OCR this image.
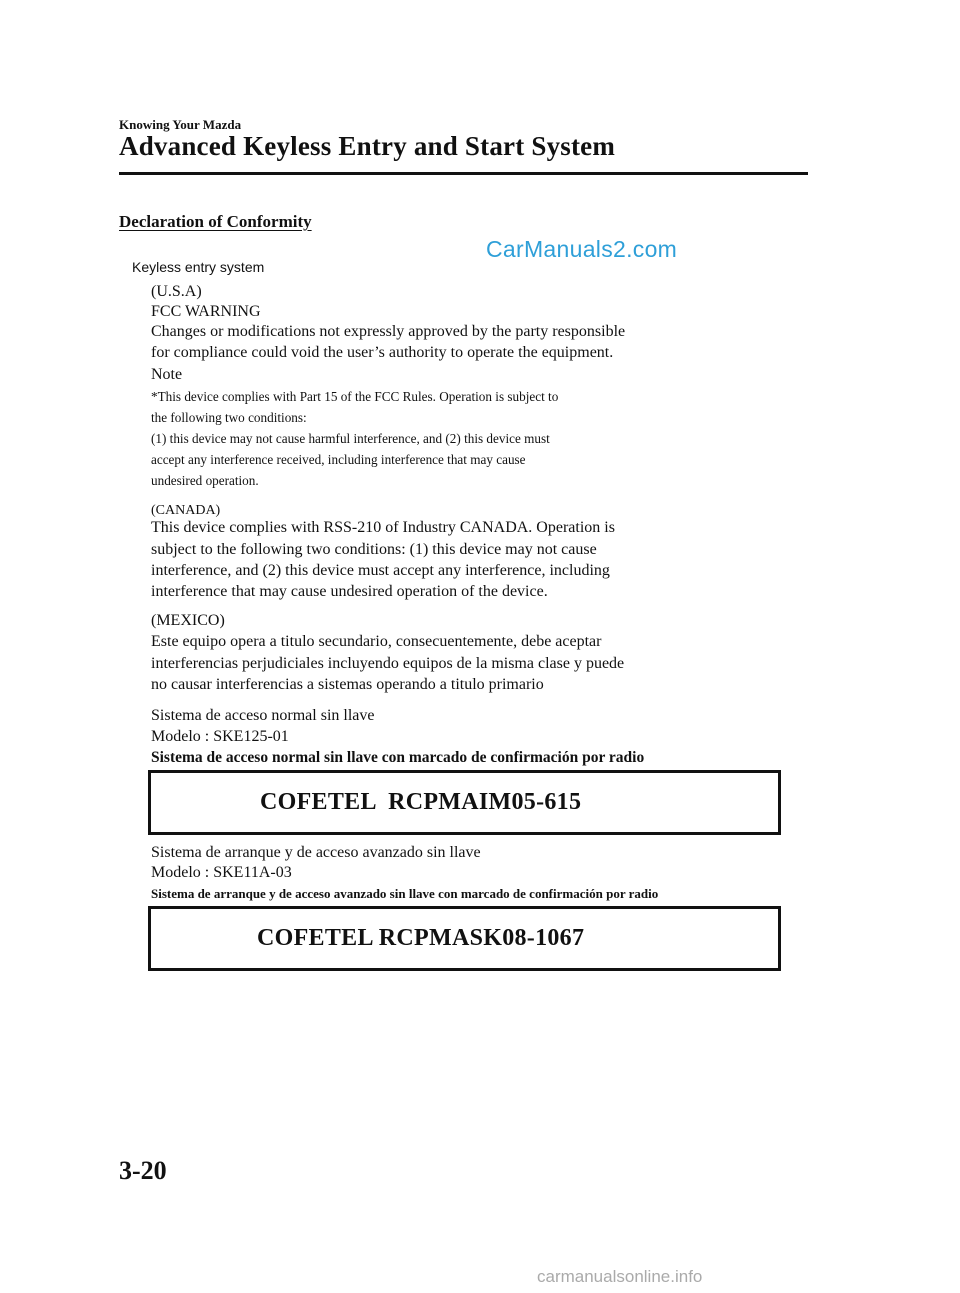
Knowing Your Mazda
Advanced Keyless Entry and Start System
CarManuals2.com
Declaration of Conformity
Keyless entry system
(U.S.A)
FCC WARNING
Changes or modifications not expressly approved by the party responsible
for compliance could void the user’s authority to operate the equipment.
Note
*This device complies with Part 15 of the FCC Rules. Operation is subject to
the following two conditions:
(1) this device may not cause harmful interference, and (2) this device must
accept any interference received, including interference that may cause
undesired operation.
(CANADA)
This device complies with RSS-210 of Industry CANADA. Operation is
subject to the following two conditions: (1) this device may not cause
interference, and (2) this device must accept any interference, including
interference that may cause undesired operation of the device.
(MEXICO)
Este equipo opera a titulo secundario, consecuentemente, debe aceptar
interferencias perjudiciales incluyendo equipos de la misma clase y puede
no causar interferencias a sistemas operando a titulo primario
Sistema de acceso normal sin llave
Modelo : SKE125-01
Sistema de acceso normal sin llave con marcado de confirmación por radio
COFETEL  RCPMAIM05-615
Sistema de arranque y de acceso avanzado sin llave
Modelo : SKE11A-03
Sistema de arranque y de acceso avanzado sin llave con marcado de confirmación por radio
COFETEL RCPMASK08-1067
3-20
carmanualsonline.info
